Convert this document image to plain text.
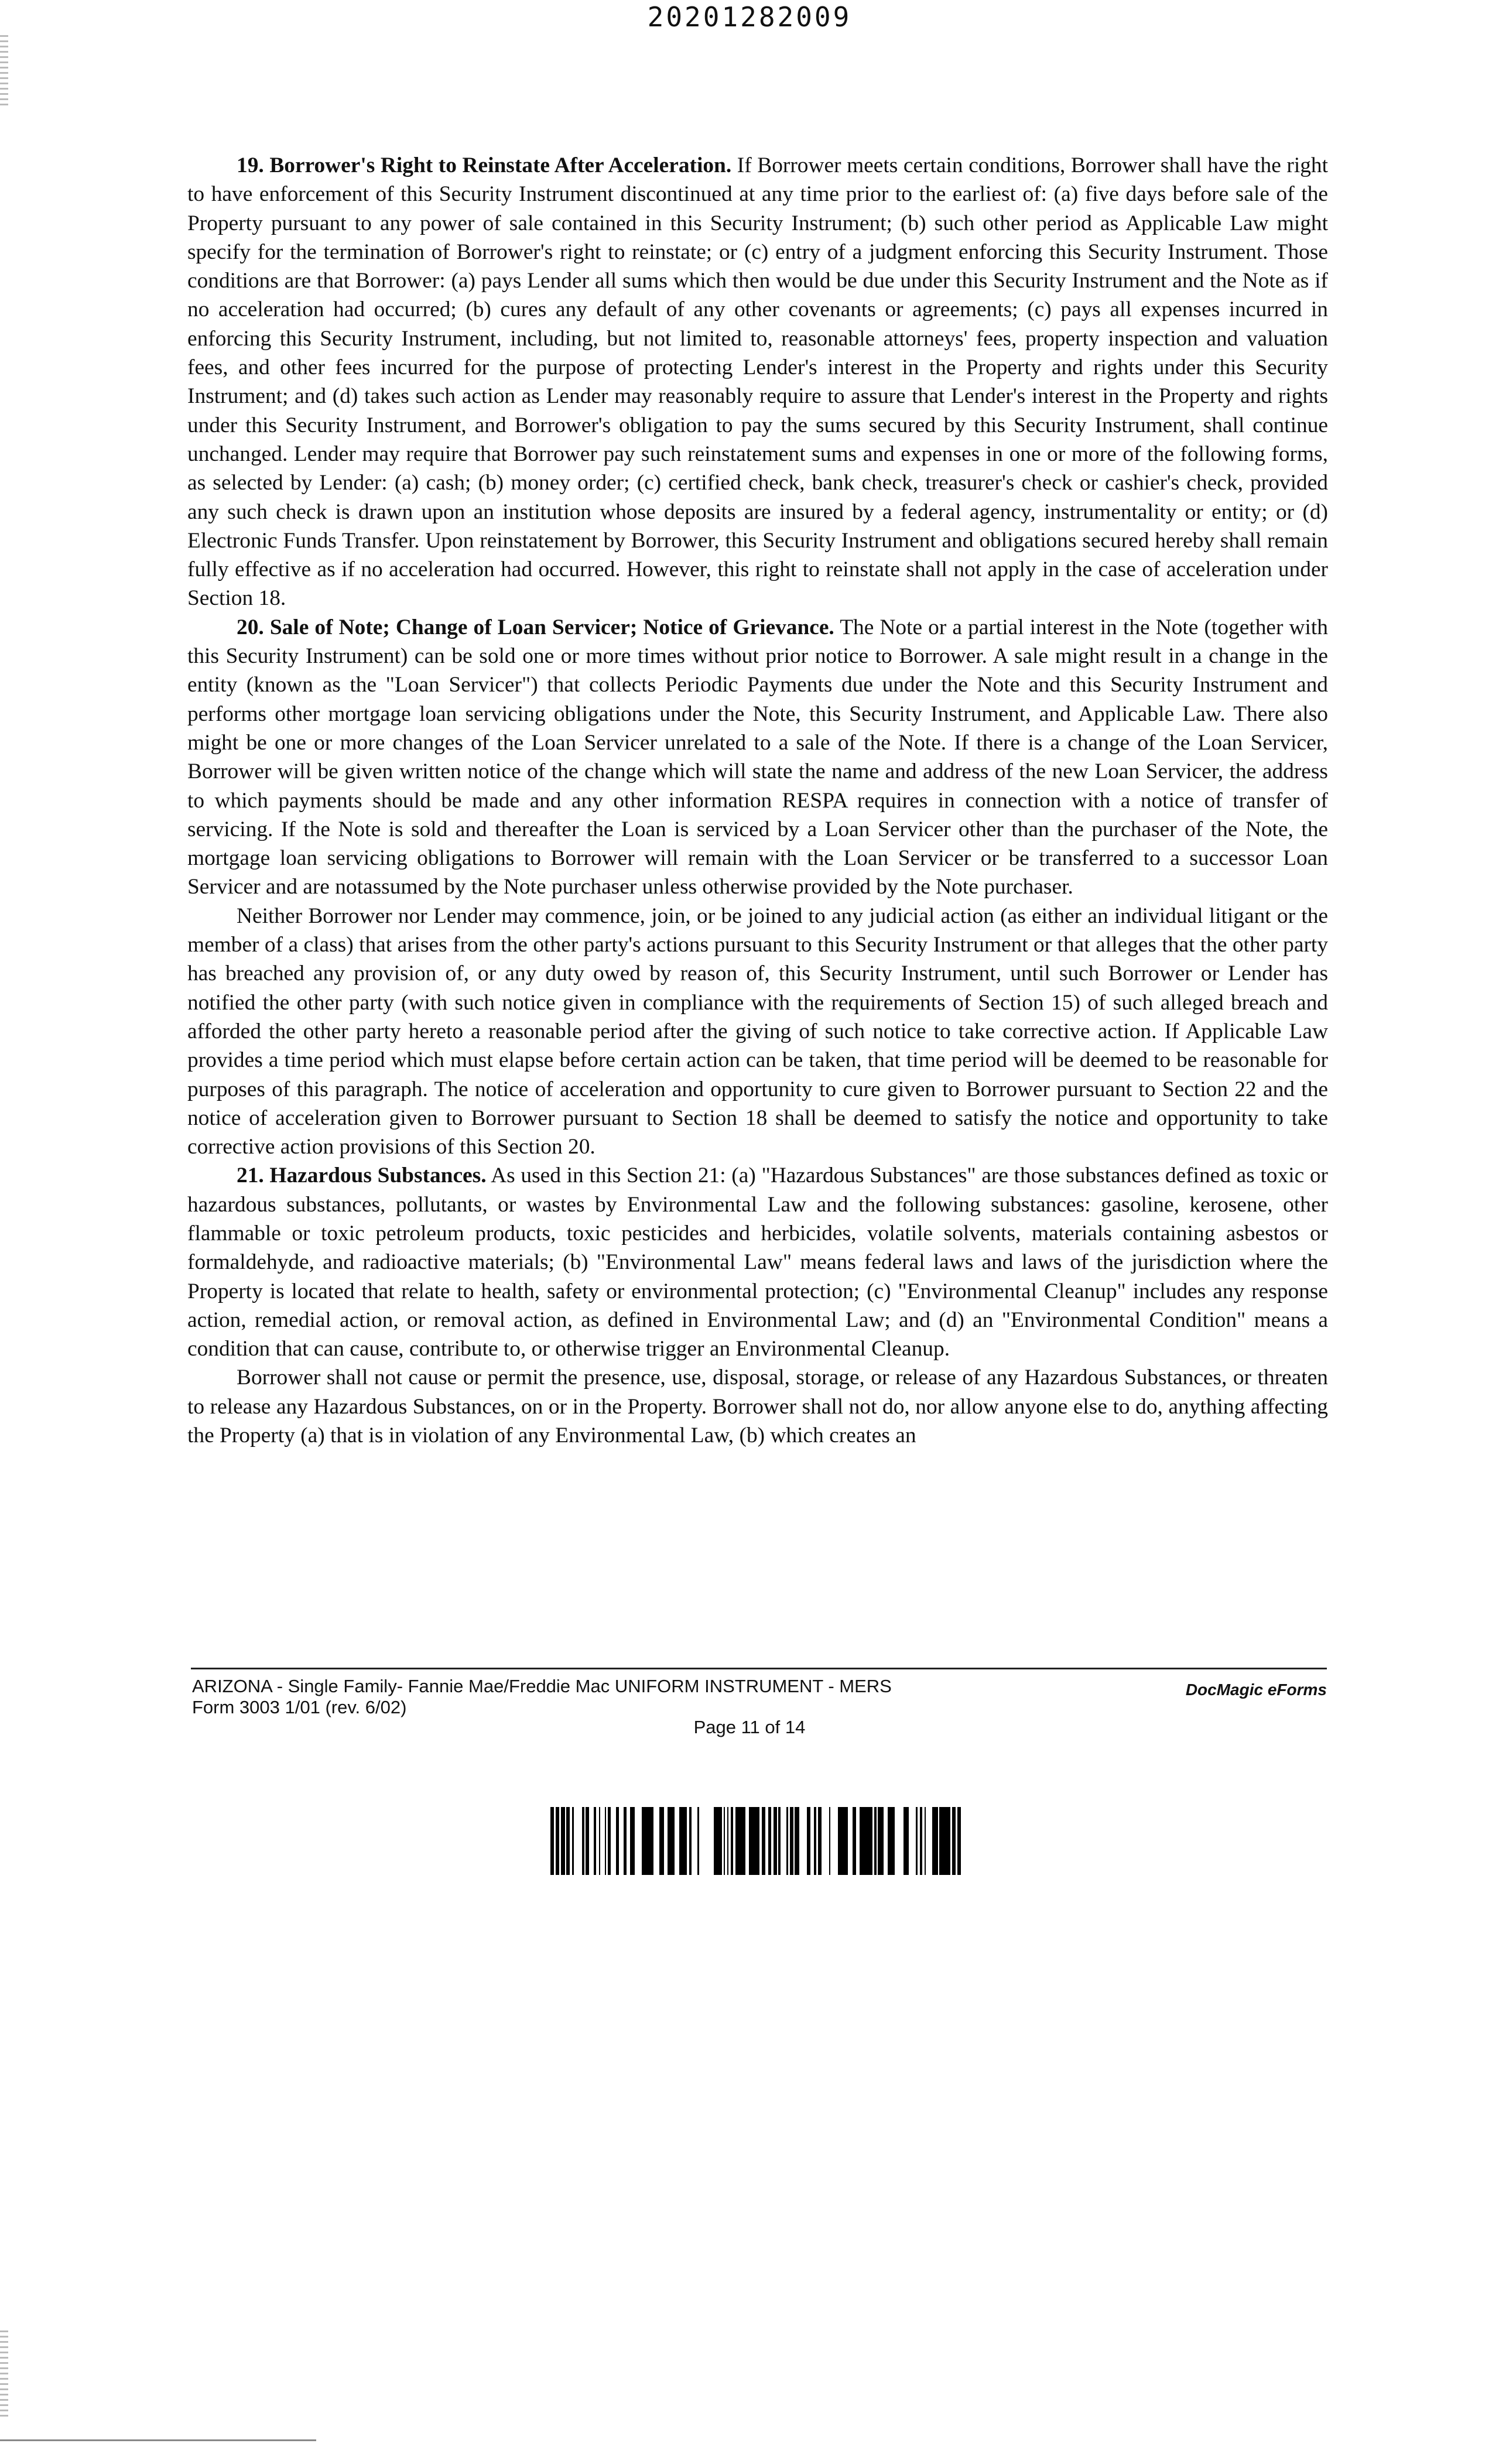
20201282009

19. Borrower's Right to Reinstate After Acceleration. If Borrower meets certain conditions, Borrower shall have the right to have enforcement of this Security Instrument discontinued at any time prior to the earliest of: (a) five days before sale of the Property pursuant to any power of sale contained in this Security Instrument; (b) such other period as Applicable Law might specify for the termination of Borrower's right to reinstate; or (c) entry of a judgment enforcing this Security Instrument. Those conditions are that Borrower: (a) pays Lender all sums which then would be due under this Security Instrument and the Note as if no acceleration had occurred; (b) cures any default of any other covenants or agreements; (c) pays all expenses incurred in enforcing this Security Instrument, including, but not limited to, reasonable attorneys' fees, property inspection and valuation fees, and other fees incurred for the purpose of protecting Lender's interest in the Property and rights under this Security Instrument; and (d) takes such action as Lender may reasonably require to assure that Lender's interest in the Property and rights under this Security Instrument, and Borrower's obligation to pay the sums secured by this Security Instrument, shall continue unchanged. Lender may require that Borrower pay such reinstatement sums and expenses in one or more of the following forms, as selected by Lender: (a) cash; (b) money order; (c) certified check, bank check, treasurer's check or cashier's check, provided any such check is drawn upon an institution whose deposits are insured by a federal agency, instrumentality or entity; or (d) Electronic Funds Transfer. Upon reinstatement by Borrower, this Security Instrument and obligations secured hereby shall remain fully effective as if no acceleration had occurred. However, this right to reinstate shall not apply in the case of acceleration under Section 18.

20. Sale of Note; Change of Loan Servicer; Notice of Grievance. The Note or a partial interest in the Note (together with this Security Instrument) can be sold one or more times without prior notice to Borrower. A sale might result in a change in the entity (known as the "Loan Servicer") that collects Periodic Payments due under the Note and this Security Instrument and performs other mortgage loan servicing obligations under the Note, this Security Instrument, and Applicable Law. There also might be one or more changes of the Loan Servicer unrelated to a sale of the Note. If there is a change of the Loan Servicer, Borrower will be given written notice of the change which will state the name and address of the new Loan Servicer, the address to which payments should be made and any other information RESPA requires in connection with a notice of transfer of servicing. If the Note is sold and thereafter the Loan is serviced by a Loan Servicer other than the purchaser of the Note, the mortgage loan servicing obligations to Borrower will remain with the Loan Servicer or be transferred to a successor Loan Servicer and are notassumed by the Note purchaser unless otherwise provided by the Note purchaser.

Neither Borrower nor Lender may commence, join, or be joined to any judicial action (as either an individual litigant or the member of a class) that arises from the other party's actions pursuant to this Security Instrument or that alleges that the other party has breached any provision of, or any duty owed by reason of, this Security Instrument, until such Borrower or Lender has notified the other party (with such notice given in compliance with the requirements of Section 15) of such alleged breach and afforded the other party hereto a reasonable period after the giving of such notice to take corrective action. If Applicable Law provides a time period which must elapse before certain action can be taken, that time period will be deemed to be reasonable for purposes of this paragraph. The notice of acceleration and opportunity to cure given to Borrower pursuant to Section 22 and the notice of acceleration given to Borrower pursuant to Section 18 shall be deemed to satisfy the notice and opportunity to take corrective action provisions of this Section 20.

21. Hazardous Substances. As used in this Section 21: (a) "Hazardous Substances" are those substances defined as toxic or hazardous substances, pollutants, or wastes by Environmental Law and the following substances: gasoline, kerosene, other flammable or toxic petroleum products, toxic pesticides and herbicides, volatile solvents, materials containing asbestos or formaldehyde, and radioactive materials; (b) "Environmental Law" means federal laws and laws of the jurisdiction where the Property is located that relate to health, safety or environmental protection; (c) "Environmental Cleanup" includes any response action, remedial action, or removal action, as defined in Environmental Law; and (d) an "Environmental Condition" means a condition that can cause, contribute to, or otherwise trigger an Environmental Cleanup.

Borrower shall not cause or permit the presence, use, disposal, storage, or release of any Hazardous Substances, or threaten to release any Hazardous Substances, on or in the Property. Borrower shall not do, nor allow anyone else to do, anything affecting the Property (a) that is in violation of any Environmental Law, (b) which creates an

ARIZONA - Single Family- Fannie Mae/Freddie Mac UNIFORM INSTRUMENT - MERS
Form 3003 1/01 (rev. 6/02)
DocMagic eForms
Page 11 of 14
